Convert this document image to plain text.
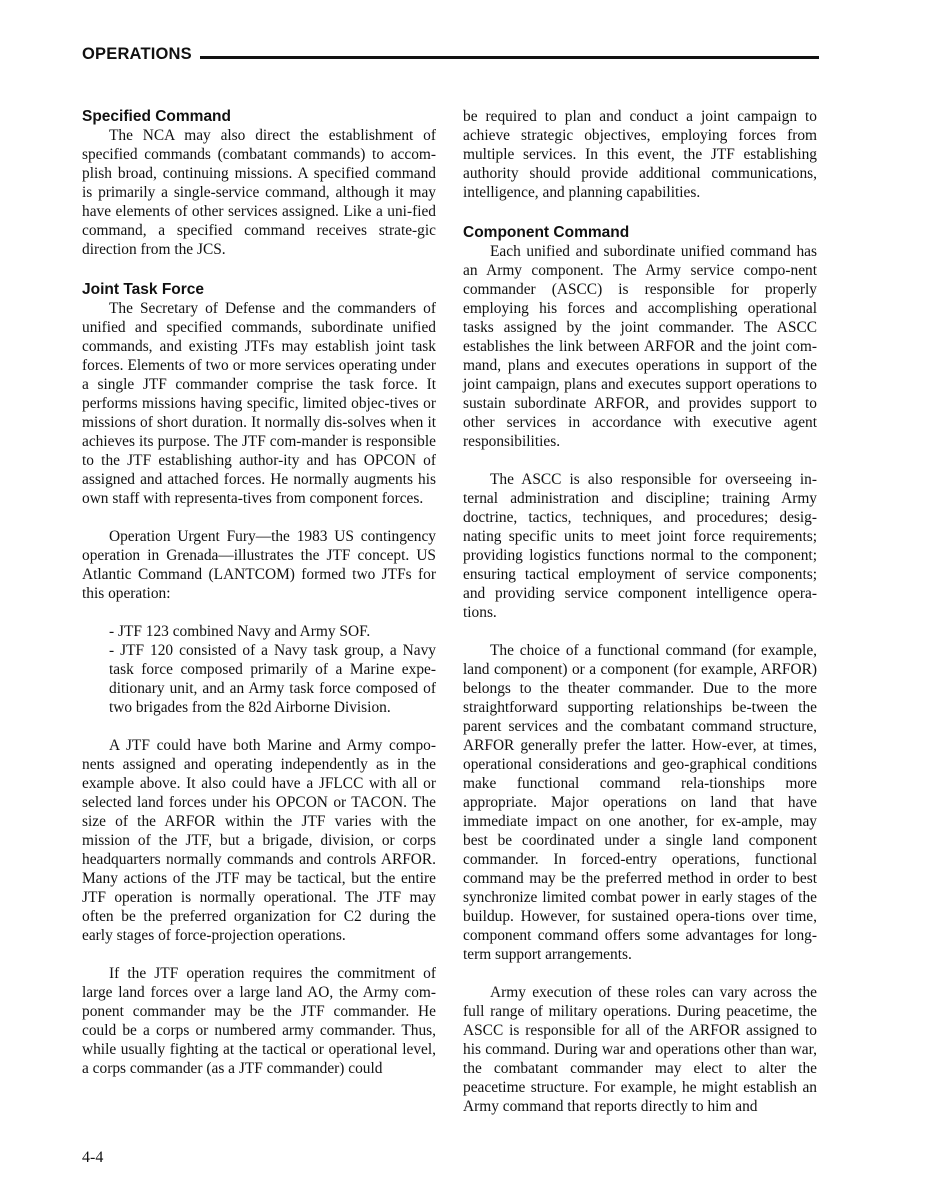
OPERATIONS
Specified Command

The NCA may also direct the establishment of specified commands (combatant commands) to accom-plish broad, continuing missions. A specified command is primarily a single-service command, although it may have elements of other services assigned. Like a uni-fied command, a specified command receives strate-gic direction from the JCS.

Joint Task Force

The Secretary of Defense and the commanders of unified and specified commands, subordinate unified commands, and existing JTFs may establish joint task forces. Elements of two or more services operating under a single JTF commander comprise the task force. It performs missions having specific, limited objec-tives or missions of short duration. It normally dis-solves when it achieves its purpose. The JTF com-mander is responsible to the JTF establishing author-ity and has OPCON of assigned and attached forces. He normally augments his own staff with representa-tives from component forces.

Operation Urgent Fury—the 1983 US contingency operation in Grenada—illustrates the JTF concept. US Atlantic Command (LANTCOM) formed two JTFs for this operation:

- JTF 123 combined Navy and Army SOF.
- JTF 120 consisted of a Navy task group, a Navy task force composed primarily of a Marine expe-ditionary unit, and an Army task force composed of two brigades from the 82d Airborne Division.

A JTF could have both Marine and Army compo-nents assigned and operating independently as in the example above. It also could have a JFLCC with all or selected land forces under his OPCON or TACON. The size of the ARFOR within the JTF varies with the mission of the JTF, but a brigade, division, or corps headquarters normally commands and controls ARFOR. Many actions of the JTF may be tactical, but the entire JTF operation is normally operational. The JTF may often be the preferred organization for C2 during the early stages of force-projection operations.

If the JTF operation requires the commitment of large land forces over a large land AO, the Army com-ponent commander may be the JTF commander. He could be a corps or numbered army commander. Thus, while usually fighting at the tactical or operational level, a corps commander (as a JTF commander) could

be required to plan and conduct a joint campaign to achieve strategic objectives, employing forces from multiple services. In this event, the JTF establishing authority should provide additional communications, intelligence, and planning capabilities.

Component Command

Each unified and subordinate unified command has an Army component. The Army service compo-nent commander (ASCC) is responsible for properly employing his forces and accomplishing operational tasks assigned by the joint commander. The ASCC establishes the link between ARFOR and the joint com-mand, plans and executes operations in support of the joint campaign, plans and executes support operations to sustain subordinate ARFOR, and provides support to other services in accordance with executive agent responsibilities.

The ASCC is also responsible for overseeing in-ternal administration and discipline; training Army doctrine, tactics, techniques, and procedures; desig-nating specific units to meet joint force requirements; providing logistics functions normal to the component; ensuring tactical employment of service components; and providing service component intelligence opera-tions.

The choice of a functional command (for example, land component) or a component (for example, ARFOR) belongs to the theater commander. Due to the more straightforward supporting relationships be-tween the parent services and the combatant command structure, ARFOR generally prefer the latter. How-ever, at times, operational considerations and geo-graphical conditions make functional command rela-tionships more appropriate. Major operations on land that have immediate impact on one another, for ex-ample, may best be coordinated under a single land component commander. In forced-entry operations, functional command may be the preferred method in order to best synchronize limited combat power in early stages of the buildup. However, for sustained opera-tions over time, component command offers some advantages for long-term support arrangements.

Army execution of these roles can vary across the full range of military operations. During peacetime, the ASCC is responsible for all of the ARFOR assigned to his command. During war and operations other than war, the combatant commander may elect to alter the peacetime structure. For example, he might establish an Army command that reports directly to him and

4-4
